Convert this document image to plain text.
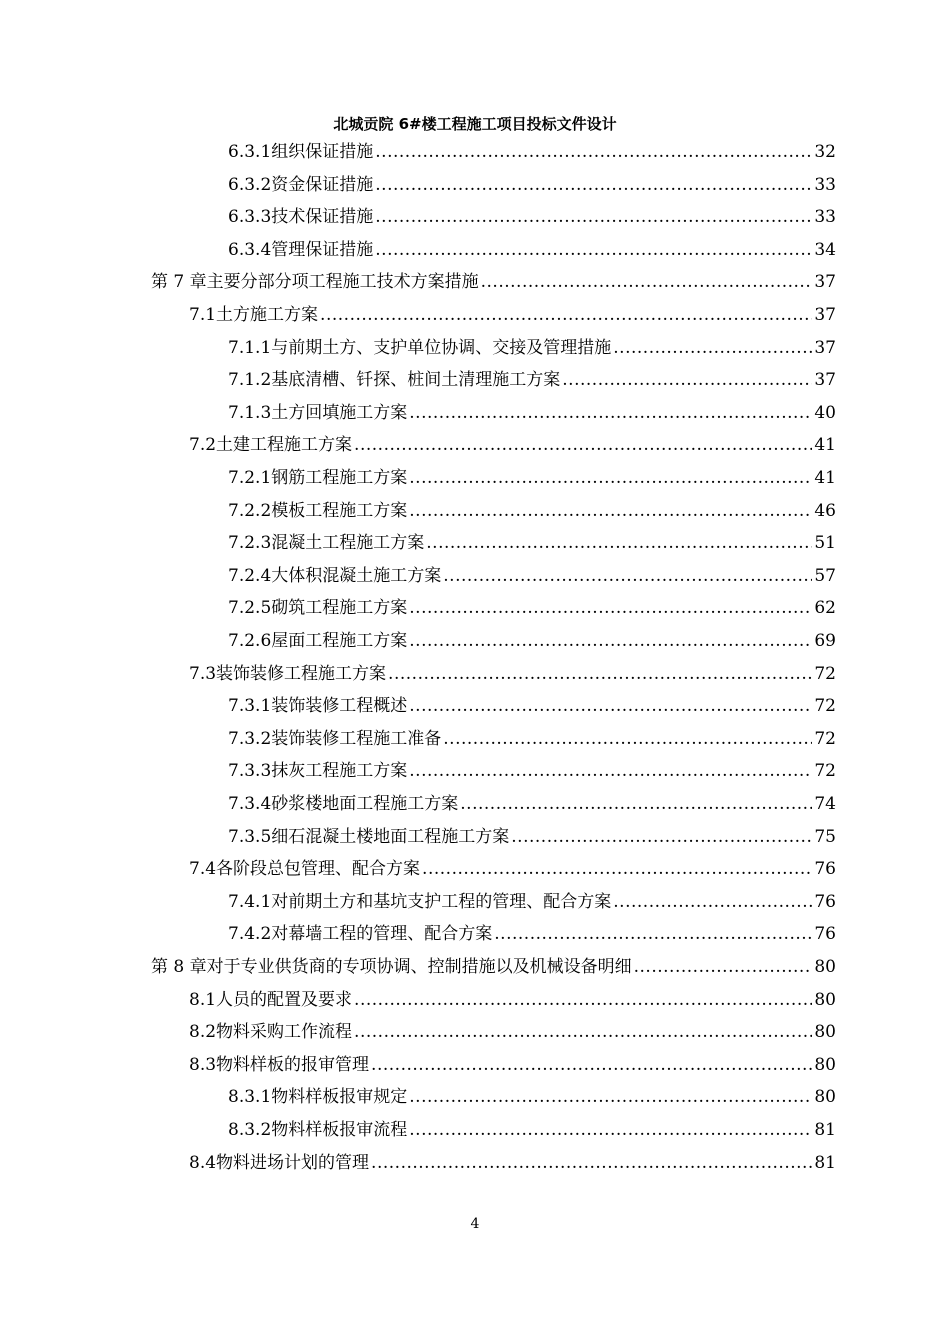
北城贡院 6#楼工程施工项目投标文件设计
6.3.1 组织保证措施 .....	32
6.3.2 资金保证措施 .....	33
6.3.3 技术保证措施 .....	33
6.3.4 管理保证措施 .....	34
第 7 章 主要分部分项工程施工技术方案措施 .....	37
7.1 土方施工方案 .....	37
7.1.1 与前期土方、支护单位协调、交接及管理措施 .....	37
7.1.2 基底清槽、钎探、桩间土清理施工方案 .....	37
7.1.3 土方回填施工方案 .....	40
7.2 土建工程施工方案 .....	41
7.2.1 钢筋工程施工方案 .....	41
7.2.2 模板工程施工方案 .....	46
7.2.3 混凝土工程施工方案 .....	51
7.2.4 大体积混凝土施工方案 .....	57
7.2.5 砌筑工程施工方案 .....	62
7.2.6 屋面工程施工方案 .....	69
7.3 装饰装修工程施工方案 .....	72
7.3.1 装饰装修工程概述 .....	72
7.3.2 装饰装修工程施工准备 .....	72
7.3.3 抹灰工程施工方案 .....	72
7.3.4 砂浆楼地面工程施工方案 .....	74
7.3.5 细石混凝土楼地面工程施工方案 .....	75
7.4 各阶段总包管理、配合方案 .....	76
7.4.1 对前期土方和基坑支护工程的管理、配合方案 .....	76
7.4.2 对幕墙工程的管理、配合方案 .....	76
第 8 章 对于专业供货商的专项协调、控制措施以及机械设备明细 .....	80
8.1 人员的配置及要求 .....	80
8.2 物料采购工作流程 .....	80
8.3 物料样板的报审管理 .....	80
8.3.1 物料样板报审规定 .....	80
8.3.2 物料样板报审流程 .....	81
8.4 物料进场计划的管理 .....	81
4
